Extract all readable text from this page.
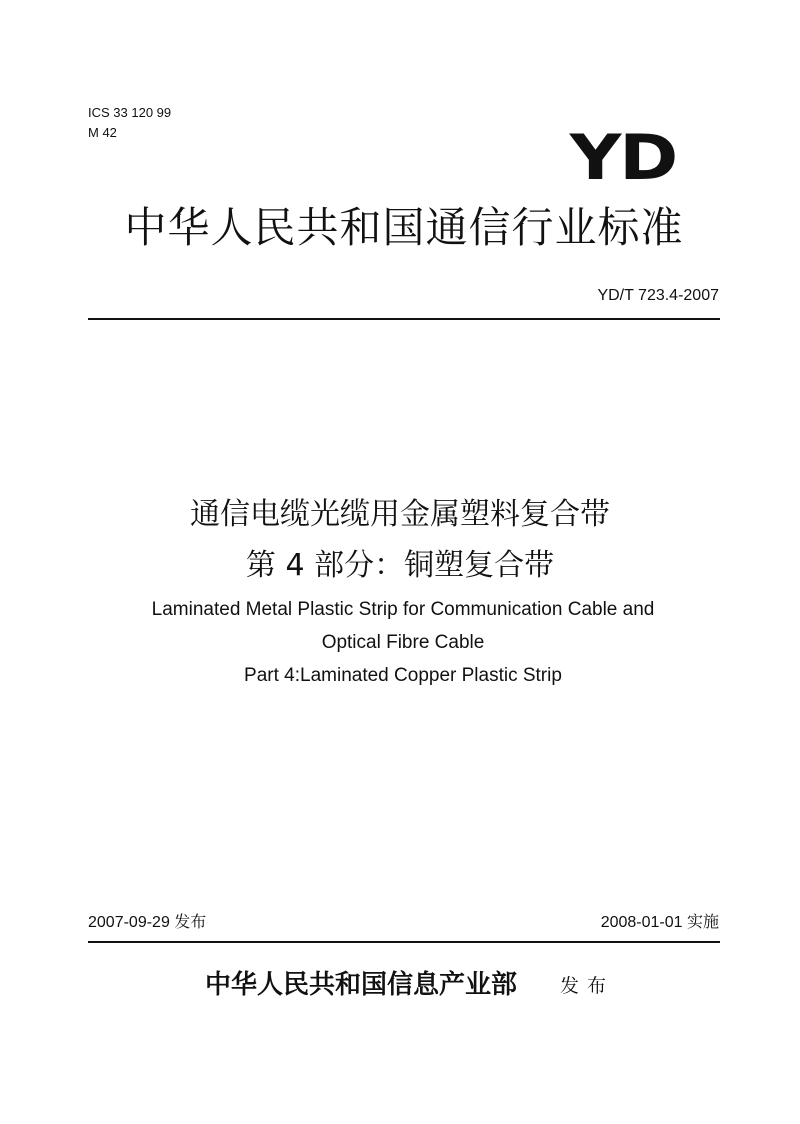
ICS 33 120 99
M 42	YD
中华人民共和国通信行业标准
YD/T 723.4-2007
通信电缆光缆用金属塑料复合带
第 4 部分：铜塑复合带
Laminated Metal Plastic Strip for Communication Cable and
Optical Fibre Cable
Part 4:Laminated Copper Plastic Strip
2007-09-29 发布	2008-01-01 实施
中华人民共和国信息产业部 发布
